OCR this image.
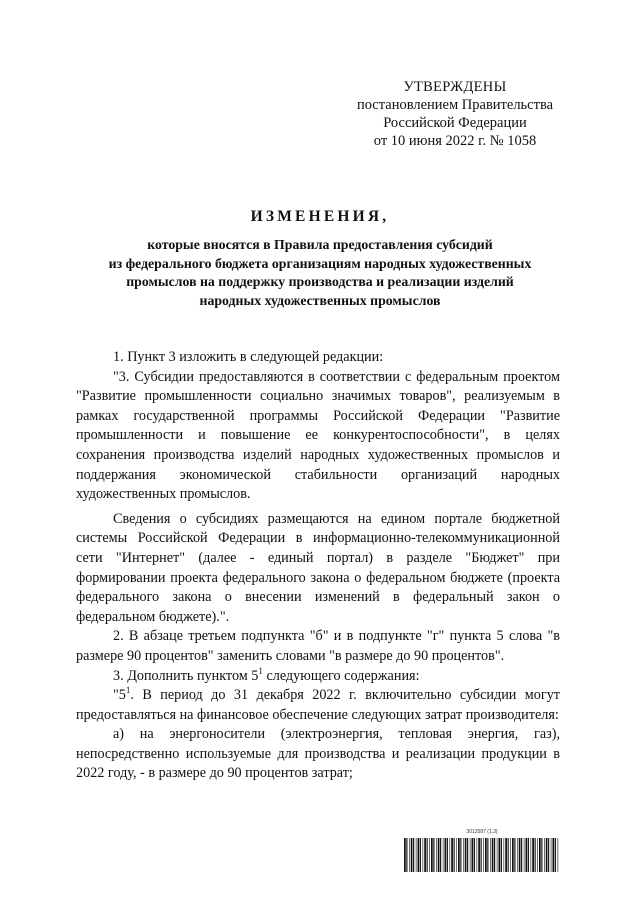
УТВЕРЖДЕНЫ
постановлением Правительства
Российской Федерации
от 10 июня 2022 г. № 1058
ИЗМЕНЕНИЯ,
которые вносятся в Правила предоставления субсидий
из федерального бюджета организациям народных художественных
промыслов на поддержку производства и реализации изделий
народных художественных промыслов

1. Пункт 3 изложить в следующей редакции:

"3. Субсидии предоставляются в соответствии с федеральным проектом "Развитие промышленности социально значимых товаров", реализуемым в рамках государственной программы Российской Федерации "Развитие промышленности и повышение ее конкурентоспособности", в целях сохранения производства изделий народных художественных промыслов и поддержания экономической стабильности организаций народных художественных промыслов.

Сведения о субсидиях размещаются на едином портале бюджетной системы Российской Федерации в информационно-телекоммуникационной сети "Интернет" (далее - единый портал) в разделе "Бюджет" при формировании проекта федерального закона о федеральном бюджете (проекта федерального закона о внесении изменений в федеральный закон о федеральном бюджете).".

2. В абзаце третьем подпункта "б" и в подпункте "г" пункта 5 слова "в размере 90 процентов" заменить словами "в размере до 90 процентов".

3. Дополнить пунктом $5^1$ следующего содержания:

"$5^1$. В период до 31 декабря 2022 г. включительно субсидии могут предоставляться на финансовое обеспечение следующих затрат производителя:

а) на энергоносители (электроэнергия, тепловая энергия, газ), непосредственно используемые для производства и реализации продукции в 2022 году, - в размере до 90 процентов затрат;

3012587 (1.3)
